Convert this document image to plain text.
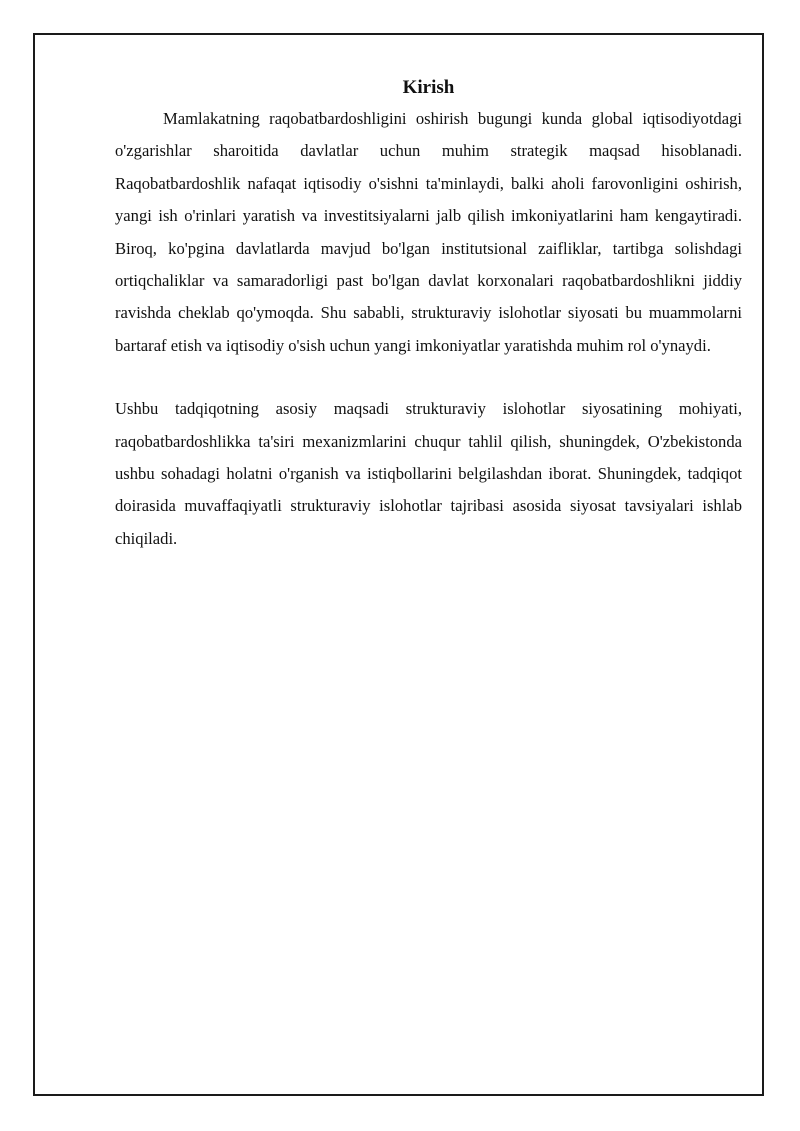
Kirish

Mamlakatning raqobatbardoshligini oshirish bugungi kunda global iqtisodiyotdagi o'zgarishlar sharoitida davlatlar uchun muhim strategik maqsad hisoblanadi. Raqobatbardoshlik nafaqat iqtisodiy o'sishni ta'minlaydi, balki aholi farovonligini oshirish, yangi ish o'rinlari yaratish va investitsiyalarni jalb qilish imkoniyatlarini ham kengaytiradi. Biroq, ko'pgina davlatlarda mavjud bo'lgan institutsional zaifliklar, tartibga solishdagi ortiqchaliklar va samaradorligi past bo'lgan davlat korxonalari raqobatbardoshlikni jiddiy ravishda cheklab qo'ymoqda. Shu sababli, strukturaviy islohotlar siyosati bu muammolarni bartaraf etish va iqtisodiy o'sish uchun yangi imkoniyatlar yaratishda muhim rol o'ynaydi.

Ushbu tadqiqotning asosiy maqsadi strukturaviy islohotlar siyosatining mohiyati, raqobatbardoshlikka ta'siri mexanizmlarini chuqur tahlil qilish, shuningdek, O'zbekistonda ushbu sohadagi holatni o'rganish va istiqbollarini belgilashdan iborat. Shuningdek, tadqiqot doirasida muvaffaqiyatli strukturaviy islohotlar tajribasi asosida siyosat tavsiyalari ishlab chiqiladi.
